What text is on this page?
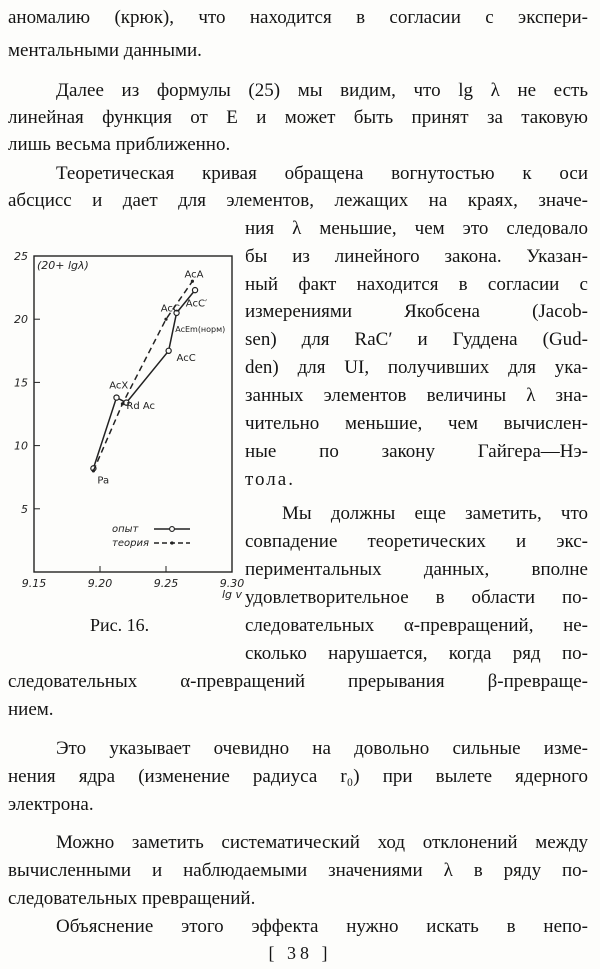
аномалию (крюк), что находится в согласии с экспери-
ментальными данными.
Далее из формулы (25) мы видим, что lg λ не есть
линейная функция от E и может быть принят за таковую
лишь весьма приближенно.
Теоретическая кривая обращена вогнутостью к оси
абсцисс и дает для элементов, лежащих на краях, значе-
ния λ меньшие, чем это следовало
бы из линейного закона. Указан-
ный факт находится в согласии с
измерениями Якобсена (Jacob-
sen) для RaC′ и Гуддена (Gud-
den) для UI, получивших для ука-
занных элементов величины λ зна-
чительно меньшие, чем вычислен-
ные по закону Гайгера—Нэ-
тола.
Мы должны еще заметить, что
совпадение теоретических и экс-
периментальных данных, вполне
удовлетворительное в области по-
следовательных α-превращений, не-
сколько нарушается, когда ряд по-
следовательных α-превращений прерывания β-превраще-
нием.
Это указывает очевидно на довольно сильные изме-
нения ядра (изменение радиуса r₀) при вылете ядерного
электрона.
Можно заметить систематический ход отклонений между
вычисленными и наблюдаемыми значениями λ в ряду по-
следовательных превращений.
Объяснение этого эффекта нужно искать в непо-
5
10
15
20
25
9.15	9.20	9.25	9.30
(20+ lgλ)
lg v
Pa
AcX
Rd Ac
AcC
AcEm(норм)
AcC
AcA
AcC′
опыт
теория
Рис. 16.
[ 38 ]
